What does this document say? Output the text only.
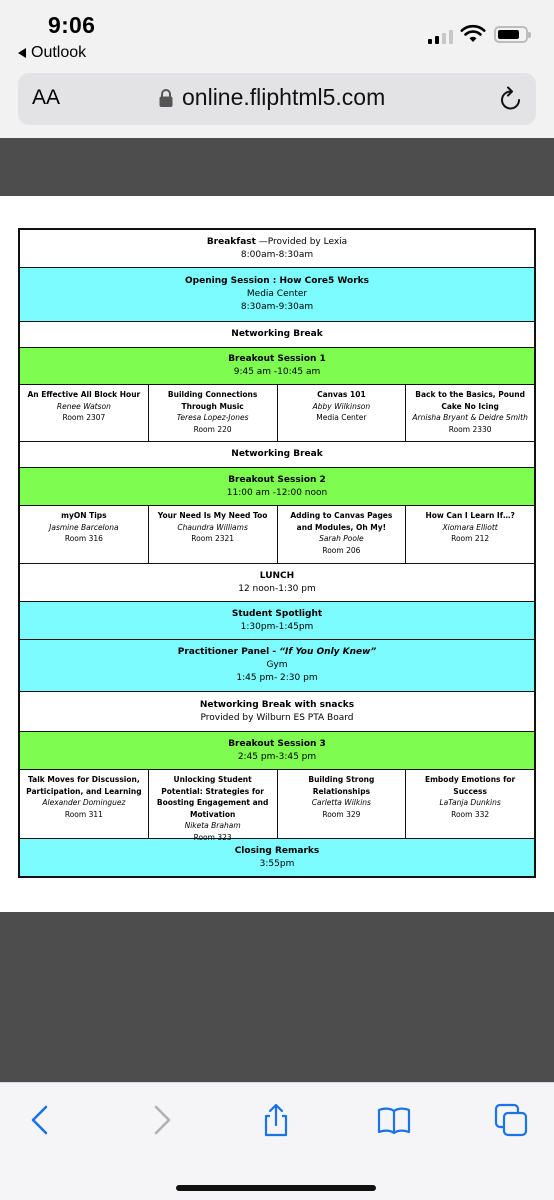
9:06
Outlook
AA	online.fliphtml5.com
Breakfast —Provided by Lexia
8:00am-8:30am
Opening Session : How Core5 Works
Media Center
8:30am-9:30am
Networking Break
Breakout Session 1
9:45 am -10:45 am
An Effective All Block Hour
Renee Watson
Room 2307
Building Connections Through Music
Teresa Lopez-Jones
Room 220
Canvas 101
Abby Wilkinson
Media Center
Back to the Basics, Pound Cake No Icing
Arnisha Bryant & Deidre Smith
Room 2330
Networking Break
Breakout Session 2
11:00 am -12:00 noon
myON Tips
Jasmine Barcelona
Room 316
Your Need Is My Need Too
Chaundra Williams
Room 2321
Adding to Canvas Pages and Modules, Oh My!
Sarah Poole
Room 206
How Can I Learn If…?
Xiomara Elliott
Room 212
LUNCH
12 noon-1:30 pm
Student Spotlight
1:30pm-1:45pm
Practitioner Panel - “If You Only Knew”
Gym
1:45 pm- 2:30 pm
Networking Break with snacks
Provided by Wilburn ES PTA Board
Breakout Session 3
2:45 pm-3:45 pm
Talk Moves for Discussion, Participation, and Learning
Alexander Dominguez
Room 311
Unlocking Student Potential: Strategies for Boosting Engagement and Motivation
Niketa Braham
Room 323
Building Strong Relationships
Carletta Wilkins
Room 329
Embody Emotions for Success
LaTanja Dunkins
Room 332
Closing Remarks
3:55pm
